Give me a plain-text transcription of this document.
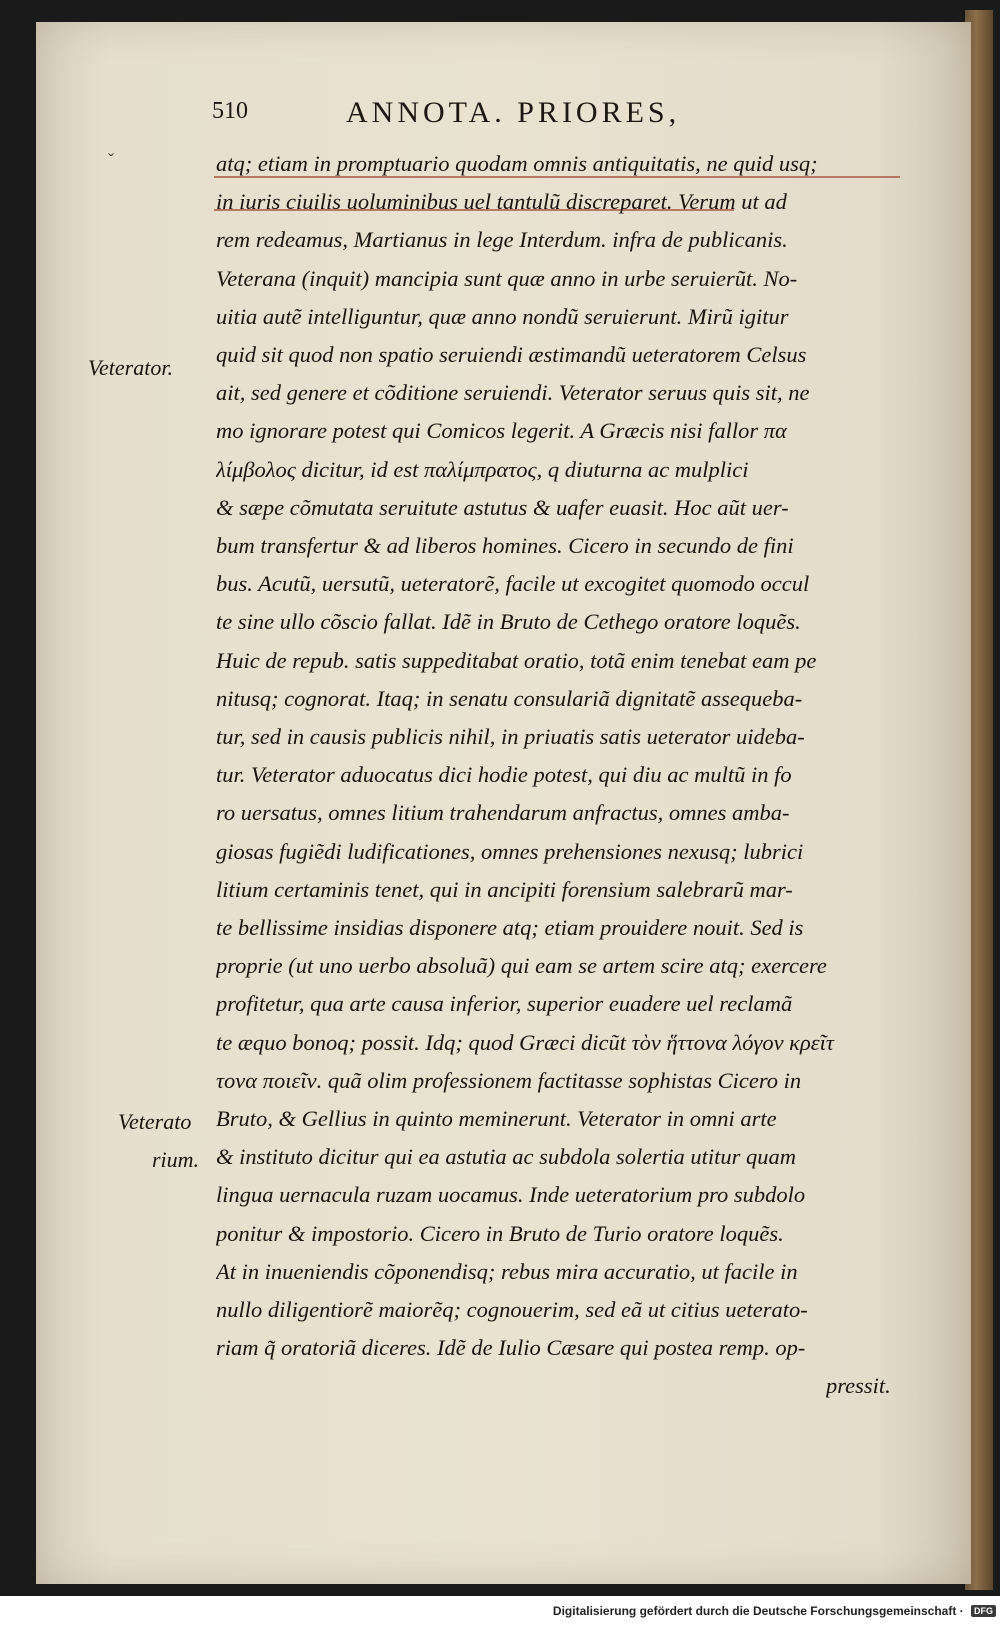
510	ANNOTA. PRIORES,
ˇ
Veterator.
Veterato
rium.
atq; etiam in promptuario quodam omnis antiquitatis, ne quid usq;
in iuris ciuilis uoluminibus uel tantulũ discreparet. Verum ut ad
rem redeamus, Martianus in lege Interdum. infra de publicanis.
Veterana (inquit) mancipia sunt quæ anno in urbe seruierũt. No-
uitia autẽ intelliguntur, quæ anno nondũ seruierunt. Mirũ igitur
quid sit quod non spatio seruiendi æstimandũ ueteratorem Celsus
ait, sed genere et cõditione seruiendi. Veterator seruus quis sit, ne
mo ignorare potest qui Comicos legerit. A Græcis nisi fallor πα
λίμβολος dicitur, id est παλίμπρατος, q diuturna ac mulplici
& sæpe cõmutata seruitute astutus & uafer euasit. Hoc aũt uer-
bum transfertur & ad liberos homines. Cicero in secundo de fini
bus. Acutũ, uersutũ, ueteratorẽ, facile ut excogitet quomodo occul
te sine ullo cõscio fallat. Idẽ in Bruto de Cethego oratore loquẽs.
Huic de repub. satis suppeditabat oratio, totã enim tenebat eam pe
nitusq; cognorat. Itaq; in senatu consulariã dignitatẽ assequeba-
tur, sed in causis publicis nihil, in priuatis satis ueterator uideba-
tur. Veterator aduocatus dici hodie potest, qui diu ac multũ in fo
ro uersatus, omnes litium trahendarum anfractus, omnes amba-
giosas fugiẽdi ludificationes, omnes prehensiones nexusq; lubrici
litium certaminis tenet, qui in ancipiti forensium salebrarũ mar-
te bellissime insidias disponere atq; etiam prouidere nouit. Sed is
proprie (ut uno uerbo absoluã) qui eam se artem scire atq; exercere
profitetur, qua arte causa inferior, superior euadere uel reclamã
te æquo bonoq; possit. Idq; quod Græci dicũt τὸν ἥττονα λόγον κρεῖτ
τονα ποιεῖν. quã olim professionem factitasse sophistas Cicero in
Bruto, & Gellius in quinto meminerunt. Veterator in omni arte
& instituto dicitur qui ea astutia ac subdola solertia utitur quam
lingua uernacula ruzam uocamus. Inde ueteratorium pro subdolo
ponitur & impostorio. Cicero in Bruto de Turio oratore loquẽs.
At in inueniendis cõponendisq; rebus mira accuratio, ut facile in
nullo diligentiorẽ maiorẽq; cognouerim, sed eã ut citius ueterato-
riam q̃ oratoriã diceres. Idẽ de Iulio Cæsare qui postea remp. op-
pressit.
Digitalisierung gefördert durch die Deutsche Forschungsgemeinschaft · DFG
